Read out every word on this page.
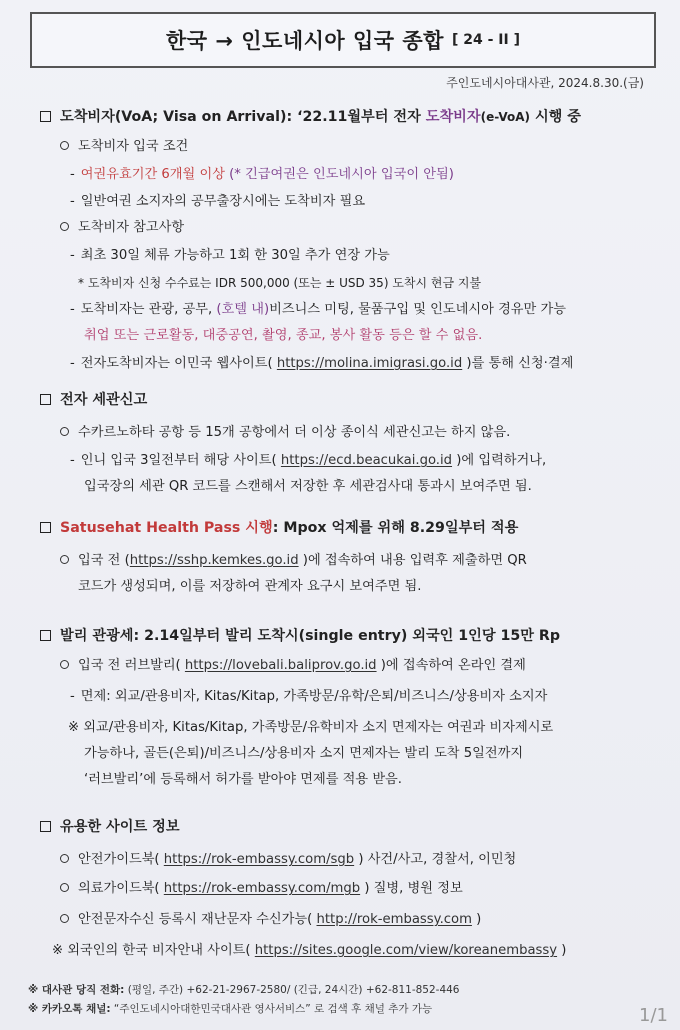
한국 → 인도네시아 입국 종합 [ 24 - II ]
주인도네시아대사관, 2024.8.30.(금)
도착비자(VoA; Visa on Arrival): ‘22.11월부터 전자 도착비자(e-VoA) 시행 중
도착비자 입국 조건
- 여권유효기간 6개월 이상 (* 긴급여권은 인도네시아 입국이 안됨)
- 일반여권 소지자의 공무출장시에는 도착비자 필요
도착비자 참고사항
- 최초 30일 체류 가능하고 1회 한 30일 추가 연장 가능
* 도착비자 신청 수수료는 IDR 500,000 (또는 ± USD 35) 도착시 현금 지불
- 도착비자는 관광, 공무, (호텔 내)비즈니스 미팅, 물품구입 및 인도네시아 경유만 가능
취업 또는 근로활동, 대중공연, 촬영, 종교, 봉사 활동 등은 할 수 없음.
- 전자도착비자는 이민국 웹사이트( https://molina.imigrasi.go.id )를 통해 신청·결제
전자 세관신고
수카르노하타 공항 등 15개 공항에서 더 이상 종이식 세관신고는 하지 않음.
- 인니 입국 3일전부터 해당 사이트( https://ecd.beacukai.go.id )에 입력하거나,
입국장의 세관 QR 코드를 스캔해서 저장한 후 세관검사대 통과시 보여주면 됨.
Satusehat Health Pass 시행: Mpox 억제를 위해 8.29일부터 적용
입국 전 (https://sshp.kemkes.go.id )에 접속하여 내용 입력후 제출하면 QR
코드가 생성되며, 이를 저장하여 관계자 요구시 보여주면 됨.
발리 관광세: 2.14일부터 발리 도착시(single entry) 외국인 1인당 15만 Rp
입국 전 러브발리( https://lovebali.baliprov.go.id )에 접속하여 온라인 결제
- 면제: 외교/관용비자, Kitas/Kitap, 가족방문/유학/은퇴/비즈니스/상용비자 소지자
※ 외교/관용비자, Kitas/Kitap, 가족방문/유학비자 소지 면제자는 여권과 비자제시로
가능하나, 골든(은퇴)/비즈니스/상용비자 소지 면제자는 발리 도착 5일전까지
‘러브발리’에 등록해서 허가를 받아야 면제를 적용 받음.
유용한 사이트 정보
안전가이드북( https://rok-embassy.com/sgb ) 사건/사고, 경찰서, 이민청
의료가이드북( https://rok-embassy.com/mgb ) 질병, 병원 정보
안전문자수신 등록시 재난문자 수신가능( http://rok-embassy.com )
※ 외국인의 한국 비자안내 사이트( https://sites.google.com/view/koreanembassy )
※ 대사관 당직 전화: (평일, 주간) +62-21-2967-2580/ (긴급, 24시간) +62-811-852-446
※ 카카오톡 채널: “주인도네시아대한민국대사관 영사서비스” 로 검색 후 채널 추가 가능	1/1
